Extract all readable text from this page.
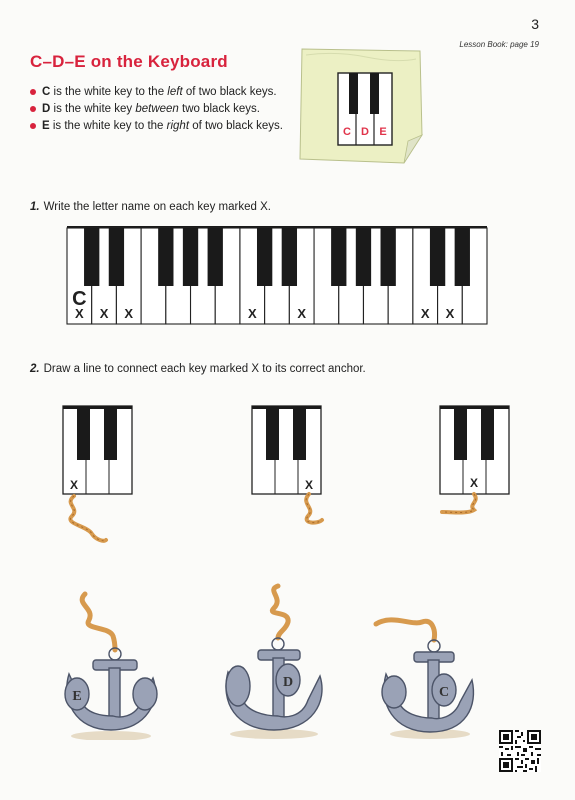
3
Lesson Book: page 19
C–D–E on the Keyboard
C is the white key to the left of two black keys.
D is the white key between two black keys.
E is the white key to the right of two black keys.	C D E
1. Write the letter name on each key marked X.
X X X	X	X	X X
C
2. Draw a line to connect each key marked X to its correct anchor.
X	X	X
E
D
C
